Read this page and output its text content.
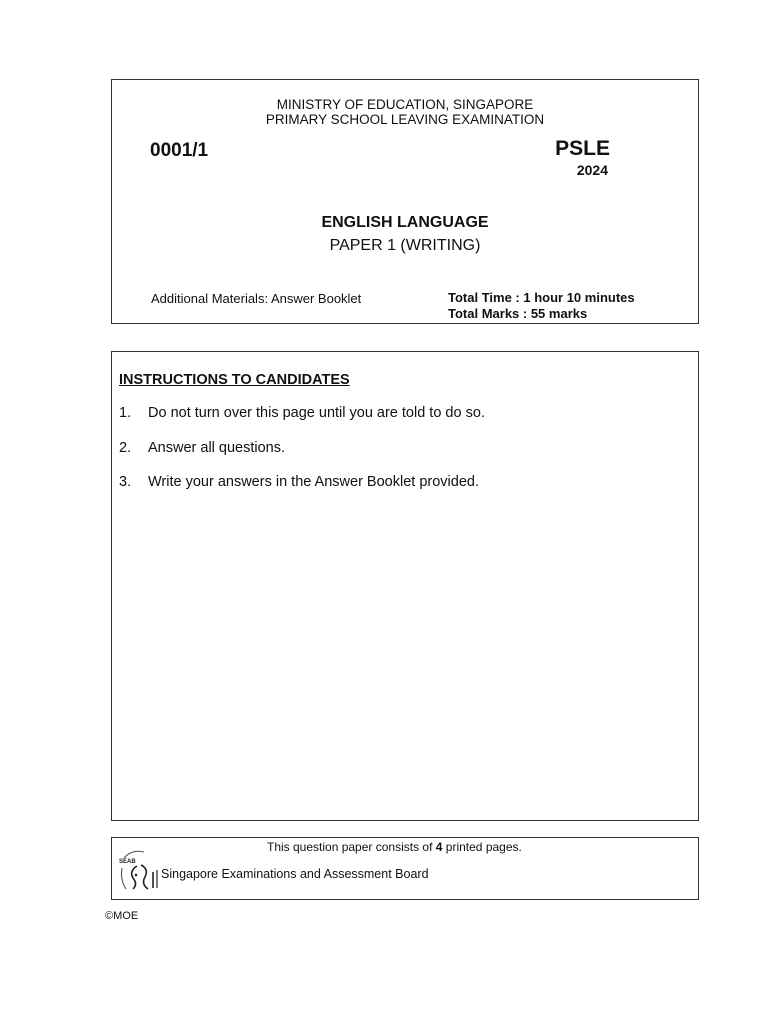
MINISTRY OF EDUCATION, SINGAPORE
PRIMARY SCHOOL LEAVING EXAMINATION
0001/1	PSLE
2024
ENGLISH LANGUAGE
PAPER 1 (WRITING)
Additional Materials: Answer Booklet	Total Time : 1 hour 10 minutes
Total Marks : 55 marks
INSTRUCTIONS TO CANDIDATES
1. Do not turn over this page until you are told to do so.
2. Answer all questions.
3. Write your answers in the Answer Booklet provided.
This question paper consists of 4 printed pages.
SEAB
Singapore Examinations and Assessment Board
©MOE
